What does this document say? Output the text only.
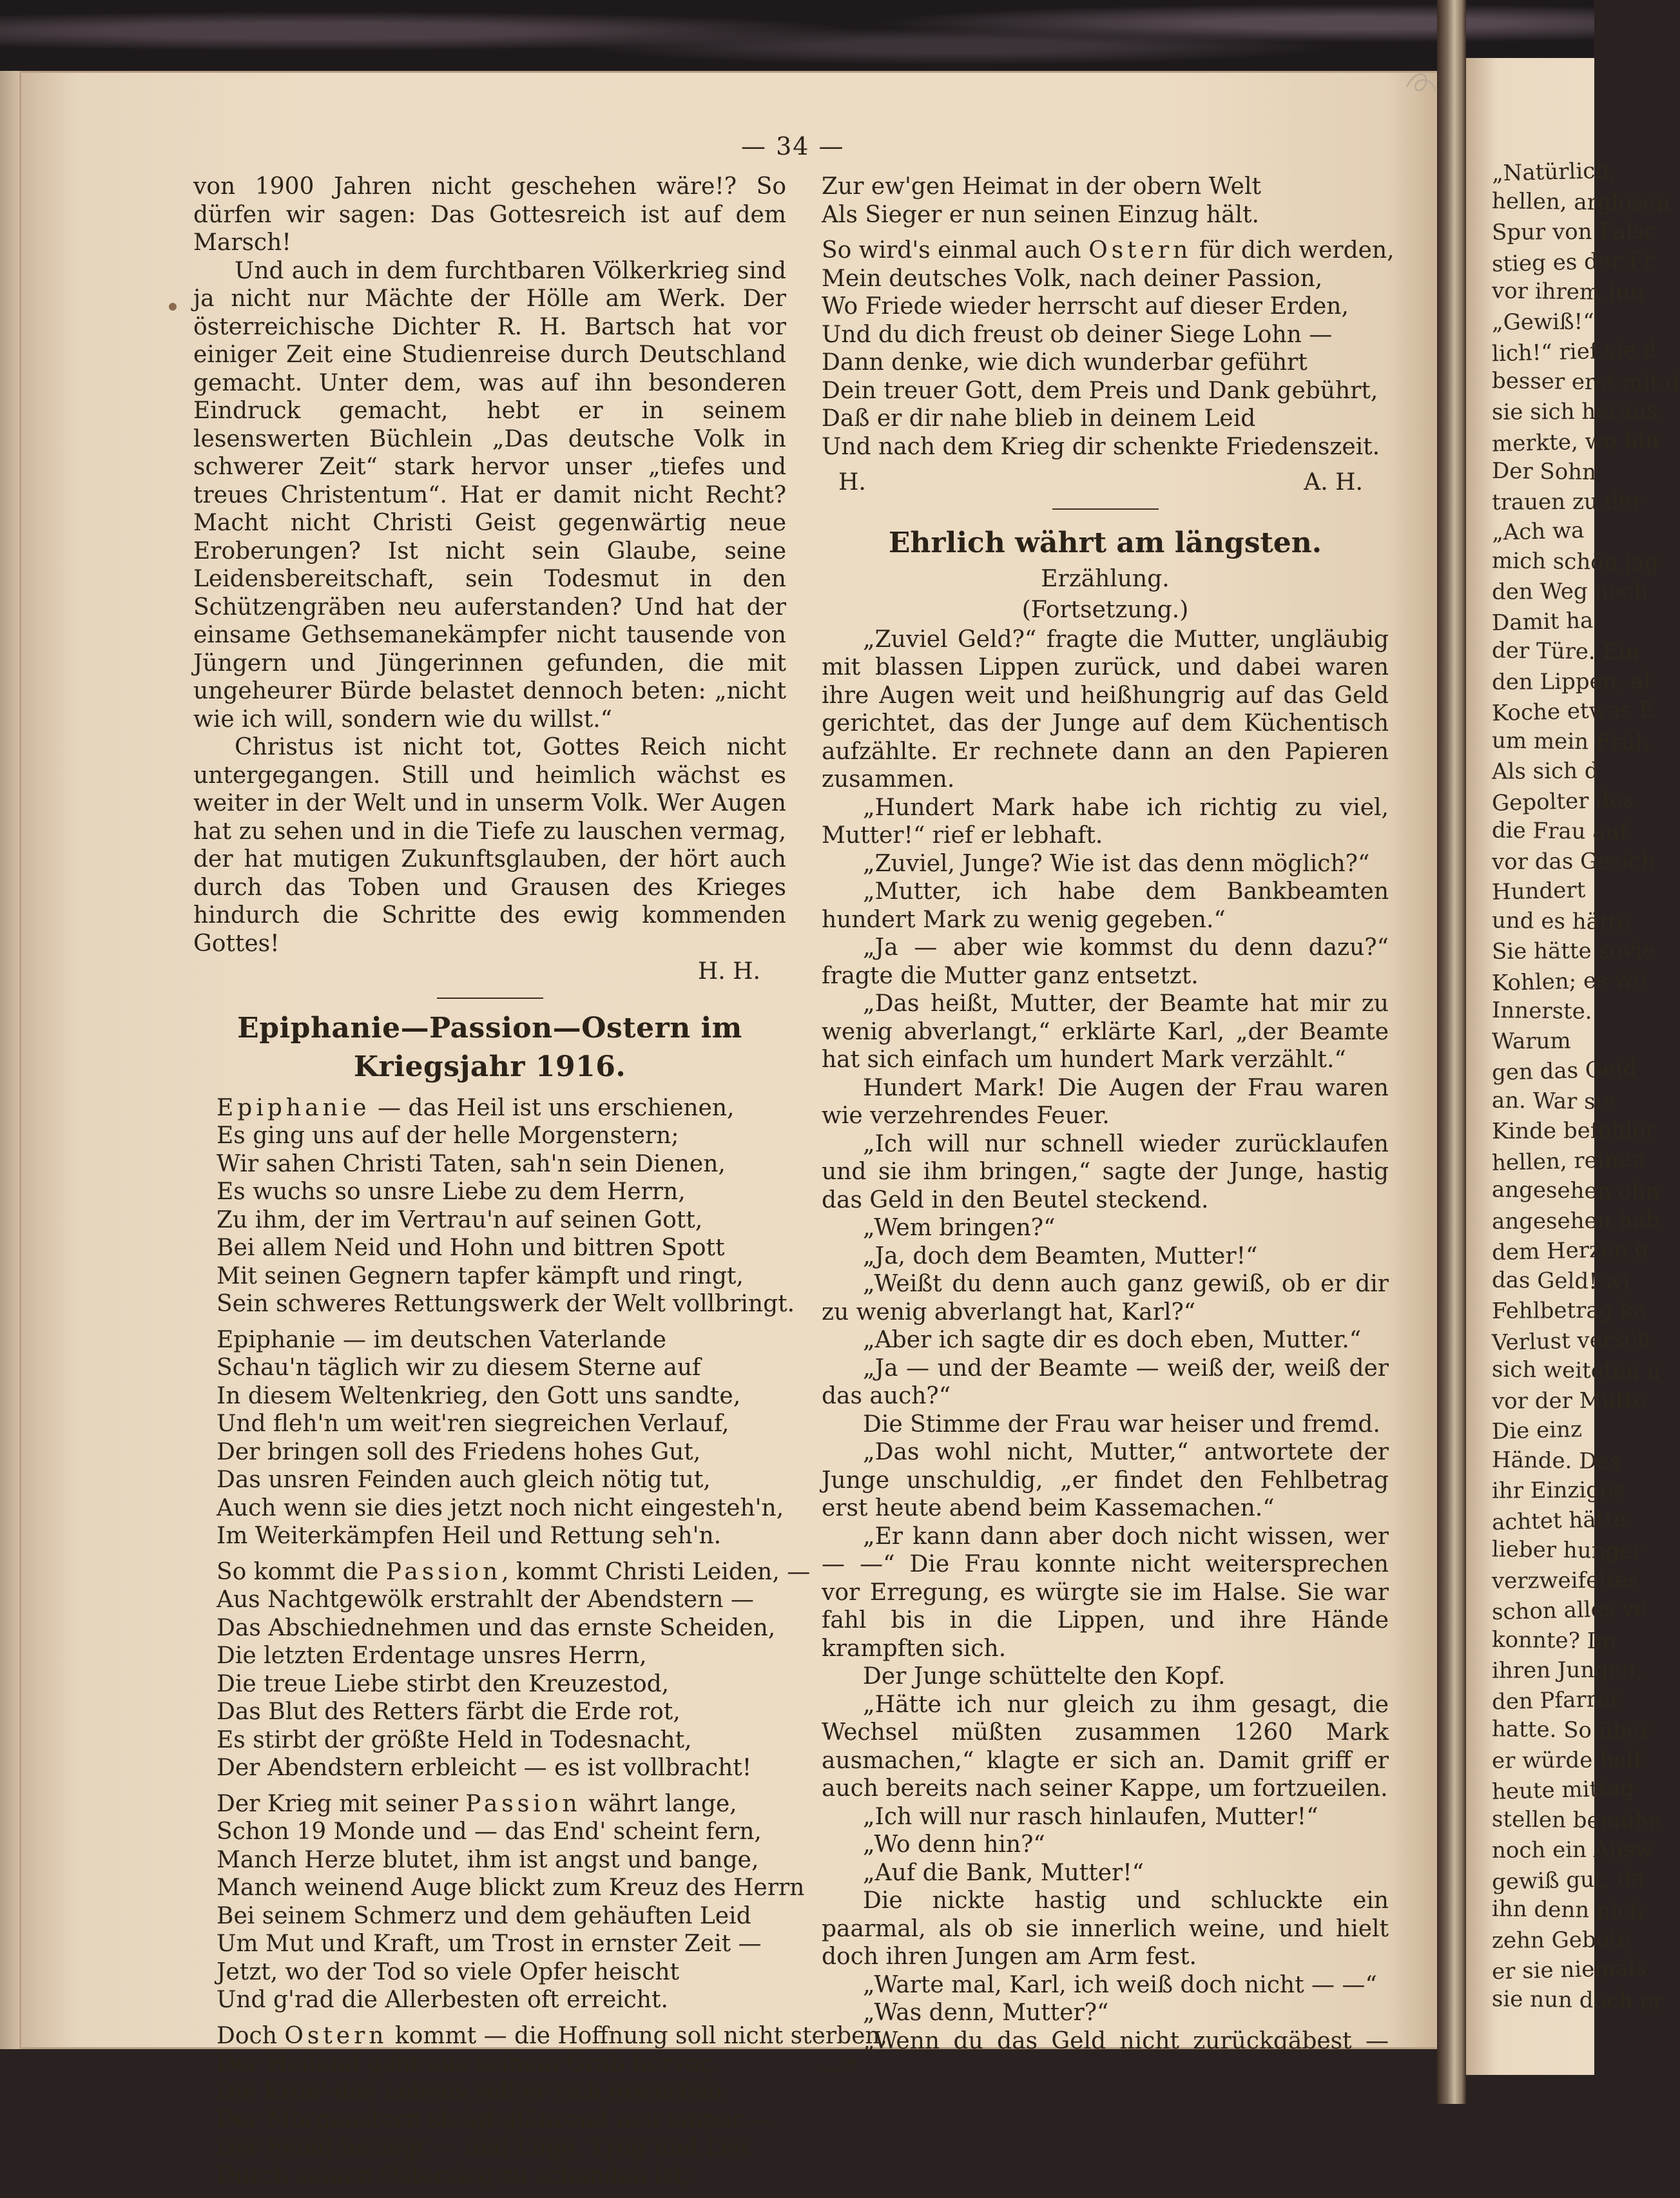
„Natürlich,
hellen, arglosen
Spur von Falsc
stieg es der Fr
vor ihrem Jun
„Gewiß!“
lich!“ rief sie d
besser erst mit d
sie sich heraus.
merkte, wo hin
Der Sohn
trauen zu der
„Ach wa
mich schön jag
den Weg noch
Damit ha
der Türe. Ein
den Lippen, al
Koche etwas E
um mein Früh
Als sich d
Gepolter des
die Frau auf
vor das Gesich
Hundert
und es hätte
Sie hätte sovie
Kohlen; es wo
Innerste.
Warum
gen das Geld
an. War sie
Kinde befehler
hellen, reinen
angesehen ohn
angesehen hab
dem Herzen g
das Geld! wi
Fehlbetrag ka
Verlust versch
sich weiteten u
vor der Mutte
Die einz
Hände. Das
ihr Einziges
achtet hätte.
lieber hunger
verzweifeltes
schon alles ve
konnte? Im
ihren Jungen,
den Pfarrer
hatte. So über
er würde helf
heute mittag
stellen bemühe
noch ein Ausw
gewiß gut, da
ihn denn nich
zehn Gebote
er sie niemals
sie nun doch er
— 34 —

von 1900 Jahren nicht geschehen wäre!? So dürfen wir sagen: Das Gottesreich ist auf dem Marsch!

Und auch in dem furchtbaren Völkerkrieg sind ja nicht nur Mächte der Hölle am Werk. Der österreichische Dichter R. H. Bartsch hat vor einiger Zeit eine Studienreise durch Deutschland gemacht. Unter dem, was auf ihn besonderen Eindruck gemacht, hebt er in seinem lesenswerten Büchlein „Das deutsche Volk in schwerer Zeit“ stark hervor unser „tiefes und treues Christentum“. Hat er damit nicht Recht? Macht nicht Christi Geist gegenwärtig neue Eroberungen? Ist nicht sein Glaube, seine Leidensbereitschaft, sein Todesmut in den Schützengräben neu auferstanden? Und hat der einsame Gethsemanekämpfer nicht tausende von Jüngern und Jüngerinnen gefunden, die mit ungeheurer Bürde belastet dennoch beten: „nicht wie ich will, sondern wie du willst.“

Christus ist nicht tot, Gottes Reich nicht untergegangen. Still und heimlich wächst es weiter in der Welt und in unserm Volk. Wer Augen hat zu sehen und in die Tiefe zu lauschen vermag, der hat mutigen Zukunftsglauben, der hört auch durch das Toben und Grausen des Krieges hindurch die Schritte des ewig kommenden Gottes!

H. H.

Epiphanie—Passion—Ostern im Kriegsjahr 1916.
Epiphanie — das Heil ist uns erschienen,
Es ging uns auf der helle Morgenstern;
Wir sahen Christi Taten, sah'n sein Dienen,
Es wuchs so unsre Liebe zu dem Herrn,
Zu ihm, der im Vertrau'n auf seinen Gott,
Bei allem Neid und Hohn und bittren Spott
Mit seinen Gegnern tapfer kämpft und ringt,
Sein schweres Rettungswerk der Welt vollbringt.
Epiphanie — im deutschen Vaterlande
Schau'n täglich wir zu diesem Sterne auf
In diesem Weltenkrieg, den Gott uns sandte,
Und fleh'n um weit'ren siegreichen Verlauf,
Der bringen soll des Friedens hohes Gut,
Das unsren Feinden auch gleich nötig tut,
Auch wenn sie dies jetzt noch nicht eingesteh'n,
Im Weiterkämpfen Heil und Rettung seh'n.
So kommt die Passion, kommt Christi Leiden, —
Aus Nachtgewölk erstrahlt der Abendstern —
Das Abschiednehmen und das ernste Scheiden,
Die letzten Erdentage unsres Herrn,
Die treue Liebe stirbt den Kreuzestod,
Das Blut des Retters färbt die Erde rot,
Es stirbt der größte Held in Todesnacht,
Der Abendstern erbleicht — es ist vollbracht!
Der Krieg mit seiner Passion währt lange,
Schon 19 Monde und — das End' scheint fern,
Manch Herze blutet, ihm ist angst und bange,
Manch weinend Auge blickt zum Kreuz des Herrn
Bei seinem Schmerz und dem gehäuften Leid
Um Mut und Kraft, um Trost in ernster Zeit —
Jetzt, wo der Tod so viele Opfer heischt
Und g'rad die Allerbesten oft erreicht.
Doch Ostern kommt — die Hoffnung soll nicht sterben,
Der Heiland geht aus seinem Grab hervor,
Die Kron' des Lebens soll er sich erwerben,
Der Morgenstern steigt glänzend neu empor —
Der Feind besiegt — und Lüge, Trug und List
Durch seinen Ostersieg zu schanden ist;
Zur ew'gen Heimat in der obern Welt
Als Sieger er nun seinen Einzug hält.
So wird's einmal auch Ostern für dich werden,
Mein deutsches Volk, nach deiner Passion,
Wo Friede wieder herrscht auf dieser Erden,
Und du dich freust ob deiner Siege Lohn —
Dann denke, wie dich wunderbar geführt
Dein treuer Gott, dem Preis und Dank gebührt,
Daß er dir nahe blieb in deinem Leid
Und nach dem Krieg dir schenkte Friedenszeit.
H.	A. H.
Ehrlich währt am längsten.

Erzählung.

(Fortsetzung.)

„Zuviel Geld?“ fragte die Mutter, ungläubig mit blassen Lippen zurück, und dabei waren ihre Augen weit und heißhungrig auf das Geld gerichtet, das der Junge auf dem Küchentisch aufzählte. Er rechnete dann an den Papieren zusammen.

„Hundert Mark habe ich richtig zu viel, Mutter!“ rief er lebhaft.

„Zuviel, Junge? Wie ist das denn möglich?“

„Mutter, ich habe dem Bankbeamten hundert Mark zu wenig gegeben.“

„Ja — aber wie kommst du denn dazu?“ fragte die Mutter ganz entsetzt.

„Das heißt, Mutter, der Beamte hat mir zu wenig abverlangt,“ erklärte Karl, „der Beamte hat sich einfach um hundert Mark verzählt.“

Hundert Mark! Die Augen der Frau waren wie verzehrendes Feuer.

„Ich will nur schnell wieder zurücklaufen und sie ihm bringen,“ sagte der Junge, hastig das Geld in den Beutel steckend.

„Wem bringen?“

„Ja, doch dem Beamten, Mutter!“

„Weißt du denn auch ganz gewiß, ob er dir zu wenig abverlangt hat, Karl?“

„Aber ich sagte dir es doch eben, Mutter.“

„Ja — und der Beamte — weiß der, weiß der das auch?“

Die Stimme der Frau war heiser und fremd.

„Das wohl nicht, Mutter,“ antwortete der Junge unschuldig, „er findet den Fehlbetrag erst heute abend beim Kassemachen.“

„Er kann dann aber doch nicht wissen, wer — —“ Die Frau konnte nicht weitersprechen vor Erregung, es würgte sie im Halse. Sie war fahl bis in die Lippen, und ihre Hände krampften sich.

Der Junge schüttelte den Kopf.

„Hätte ich nur gleich zu ihm gesagt, die Wechsel müßten zusammen 1260 Mark ausmachen,“ klagte er sich an. Damit griff er auch bereits nach seiner Kappe, um fortzueilen.

„Ich will nur rasch hinlaufen, Mutter!“

„Wo denn hin?“

„Auf die Bank, Mutter!“

Die nickte hastig und schluckte ein paarmal, als ob sie innerlich weine, und hielt doch ihren Jungen am Arm fest.

„Warte mal, Karl, ich weiß doch nicht — —“

„Was denn, Mutter?“

„Wenn du das Geld nicht zurückgäbest — —“
